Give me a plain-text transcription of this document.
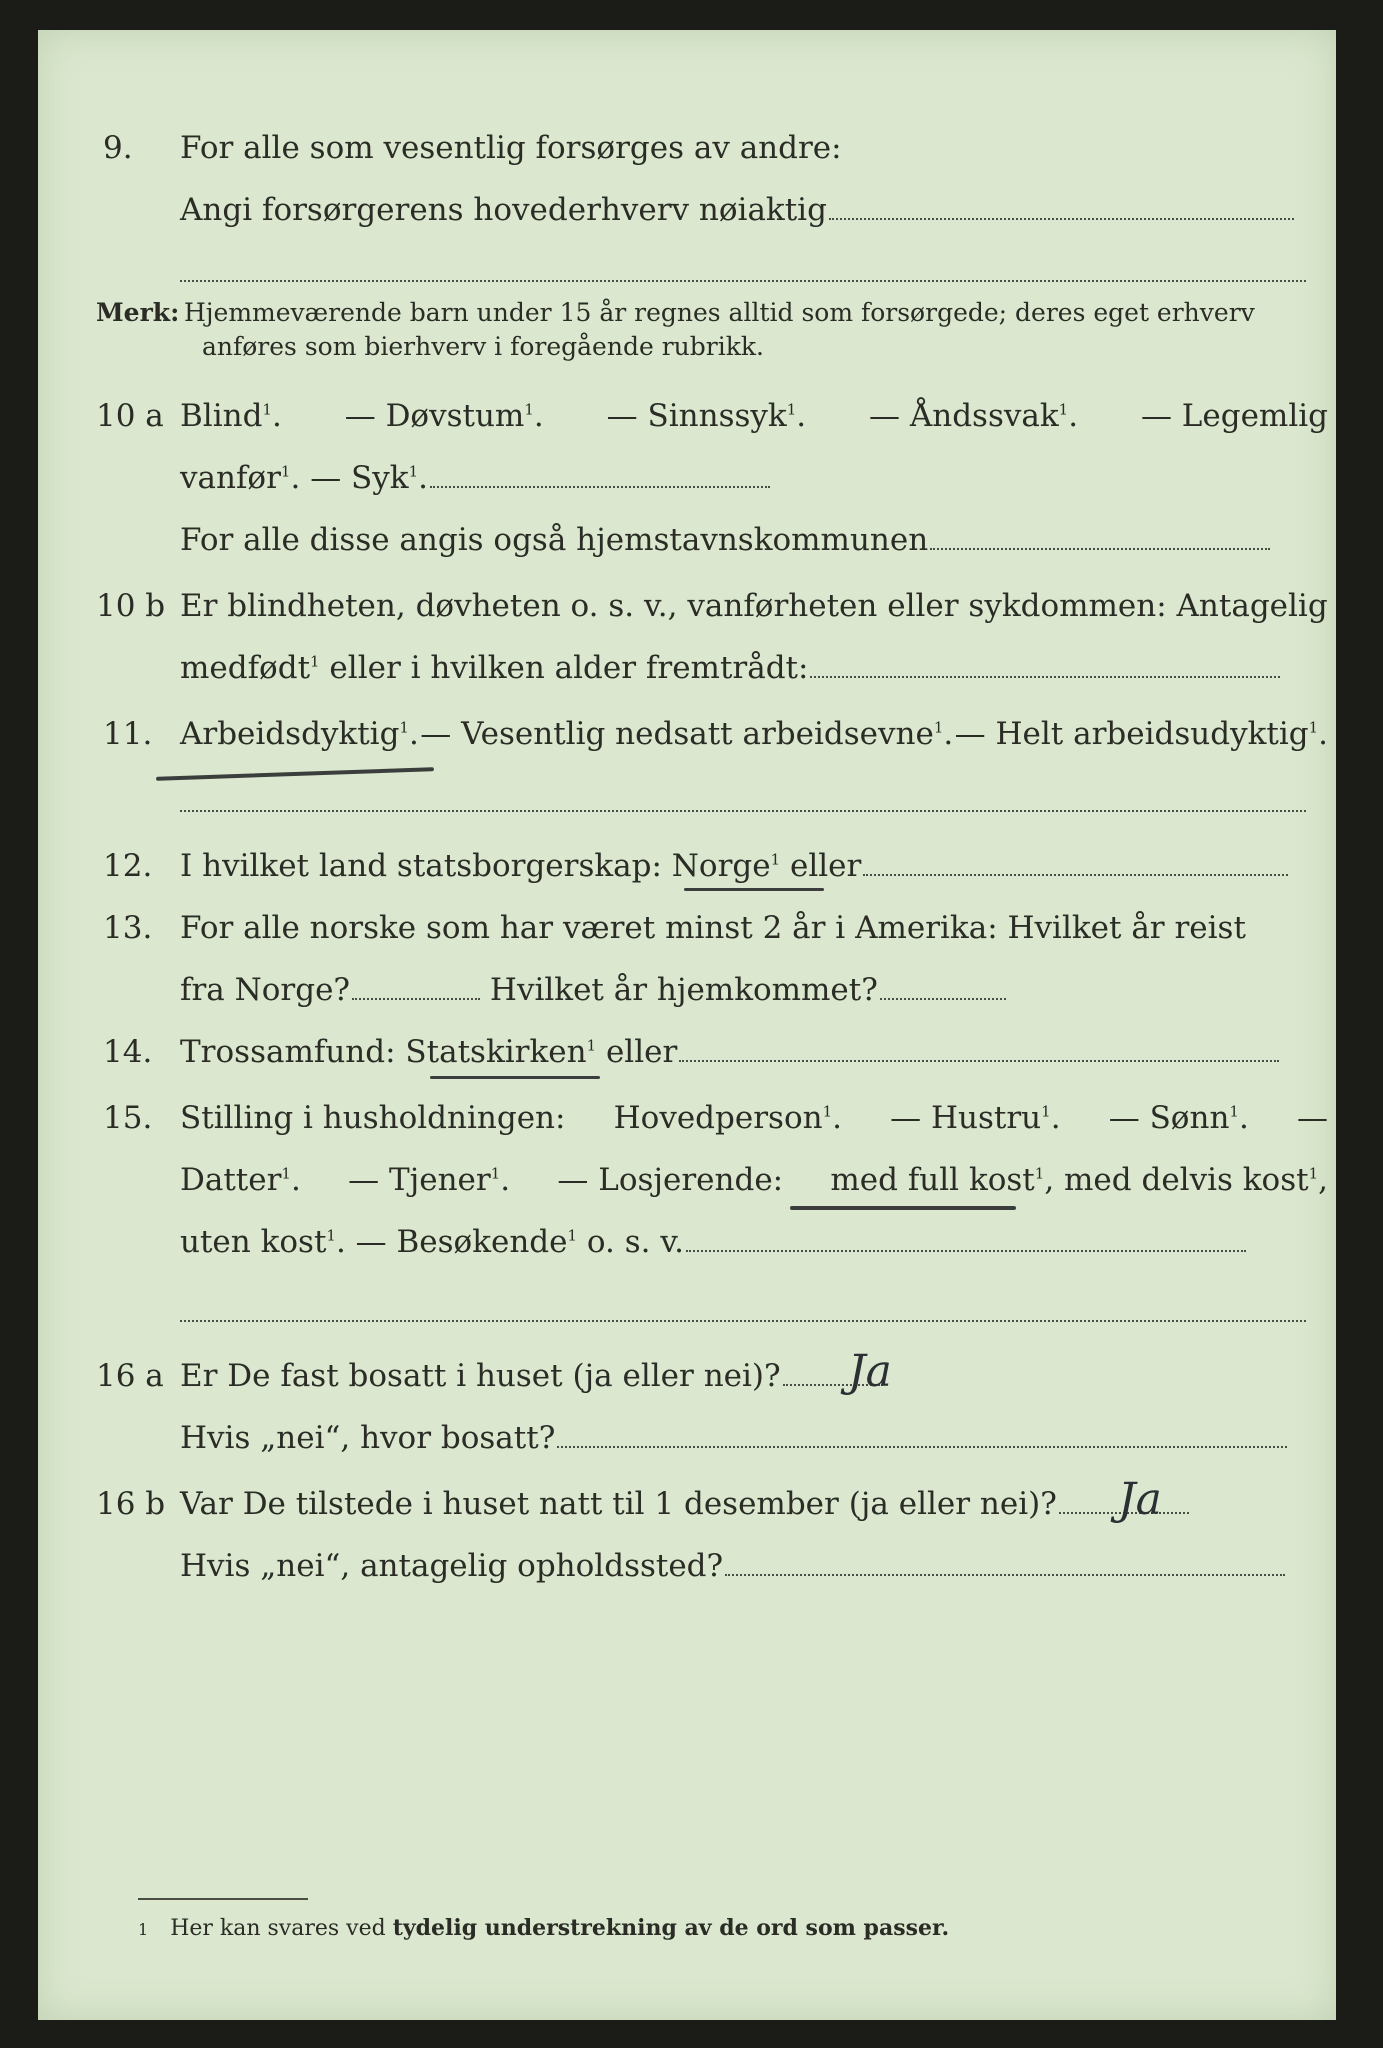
9. For alle som vesentlig forsørges av andre:
Angi forsørgerens hovederhverv nøiaktig
Merk: Hjemmeværende barn under 15 år regnes alltid som forsørgede; deres eget erhverv
anføres som bierhverv i foregående rubrikk.
10 a Blind$^1$. — Døvstum$^1$. — Sinnssyk$^1$. — Åndssvak$^1$. — Legemlig
vanfør$^1$. — Syk$^1$.
For alle disse angis også hjemstavnskommunen
10 b Er blindheten, døvheten o. s. v., vanførheten eller sykdommen: Antagelig
medfødt$^1$ eller i hvilken alder fremtrådt:
11. Arbeidsdyktig$^1$. — Vesentlig nedsatt arbeidsevne$^1$. — Helt arbeidsudyktig$^1$.
12. I hvilket land statsborgerskap: Norge$^1$ eller
13. For alle norske som har været minst 2 år i Amerika: Hvilket år reist
fra Norge?	Hvilket år hjemkommet?
14. Trossamfund: Statskirken$^1$ eller
15. Stilling i husholdningen: Hovedperson$^1$. — Hustru$^1$. — Sønn$^1$. —
Datter$^1$. — Tjener$^1$. — Losjerende: med full kost$^1$, med delvis kost$^1$,
uten kost$^1$. — Besøkende$^1$ o. s. v.
16 a Er De fast bosatt i huset (ja eller nei)?	Ja
Hvis „nei“, hvor bosatt?
16 b Var De tilstede i huset natt til 1 desember (ja eller nei)?	Ja
Hvis „nei“, antagelig opholdssted?
1 Her kan svares ved tydelig understrekning av de ord som passer.
